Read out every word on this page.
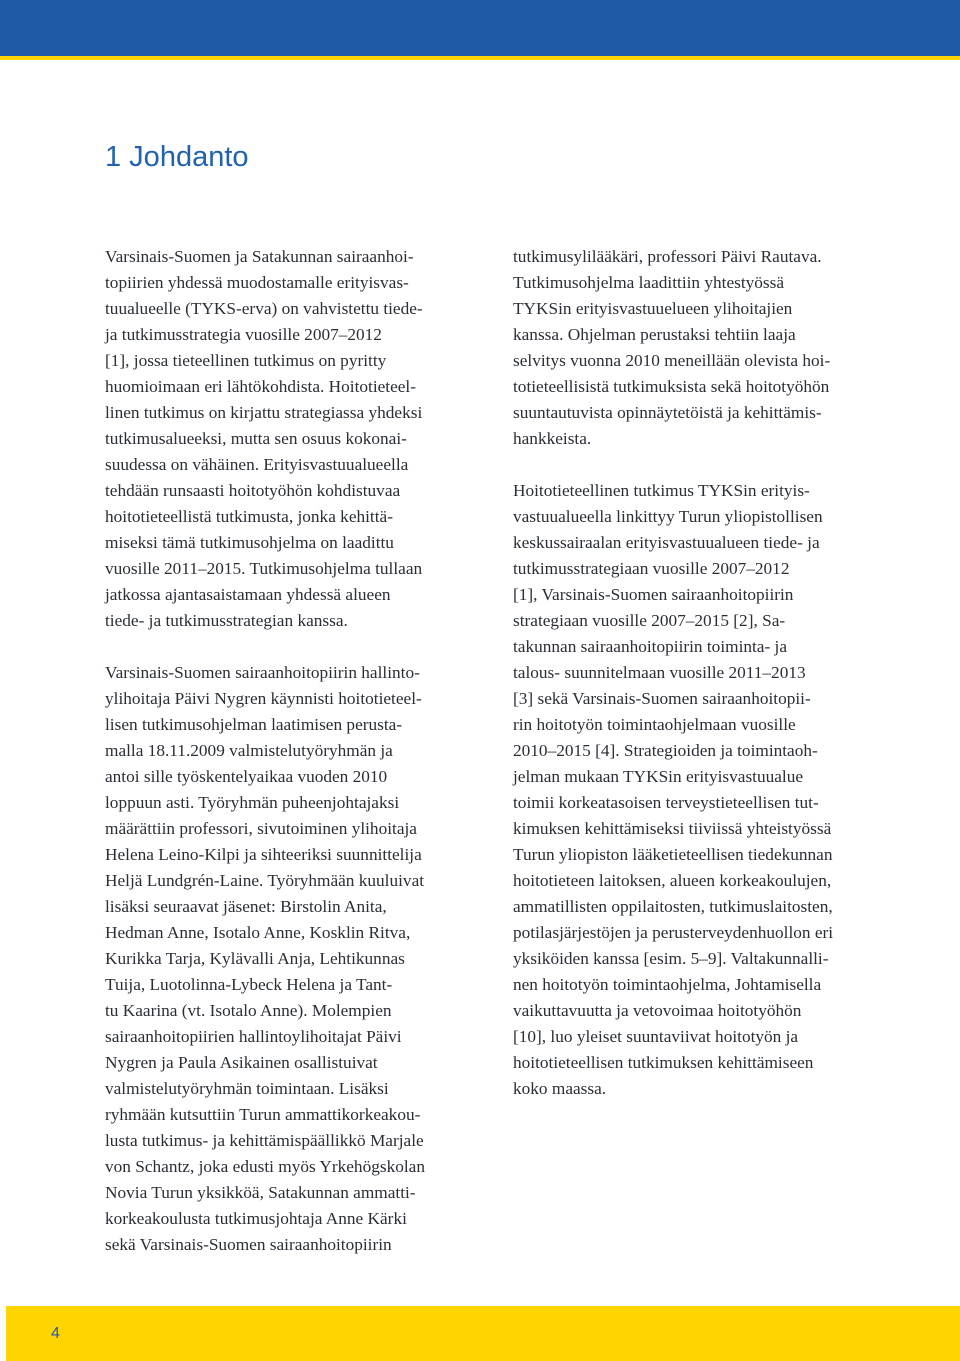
1 Johdanto

Varsinais-Suomen ja Satakunnan sairaanhoi-
topiirien yhdessä muodostamalle erityisvas-
tuualueelle (TYKS-erva) on vahvistettu tiede-
ja tutkimusstrategia vuosille 2007–2012
[1], jossa tieteellinen tutkimus on pyritty
huomioimaan eri lähtökohdista. Hoitotieteel-
linen tutkimus on kirjattu strategiassa yhdeksi
tutkimusalueeksi, mutta sen osuus kokonai-
suudessa on vähäinen. Erityisvastuualueella
tehdään runsaasti hoitotyöhön kohdistuvaa
hoitotieteellistä tutkimusta, jonka kehittä-
miseksi tämä tutkimusohjelma on laadittu
vuosille 2011–2015. Tutkimusohjelma tullaan
jatkossa ajantasaistamaan yhdessä alueen
tiede- ja tutkimusstrategian kanssa.

Varsinais-Suomen sairaanhoitopiirin hallinto-
ylihoitaja Päivi Nygren käynnisti hoitotieteel-
lisen tutkimusohjelman laatimisen perusta-
malla 18.11.2009 valmistelutyöryhmän ja
antoi sille työskentelyaikaa vuoden 2010
loppuun asti. Työryhmän puheenjohtajaksi
määrättiin professori, sivutoiminen ylihoitaja
Helena Leino-Kilpi ja sihteeriksi suunnittelija
Heljä Lundgrén-Laine. Työryhmään kuuluivat
lisäksi seuraavat jäsenet: Birstolin Anita,
Hedman Anne, Isotalo Anne, Kosklin Ritva,
Kurikka Tarja, Kylävalli Anja, Lehtikunnas
Tuija, Luotolinna-Lybeck Helena ja Tant-
tu Kaarina (vt. Isotalo Anne). Molempien
sairaanhoitopiirien hallintoylihoitajat Päivi
Nygren ja Paula Asikainen osallistuivat
valmistelutyöryhmän toimintaan. Lisäksi
ryhmään kutsuttiin Turun ammattikorkeakou-
lusta tutkimus- ja kehittämispäällikkö Marjale
von Schantz, joka edusti myös Yrkehögskolan
Novia Turun yksikköä, Satakunnan ammatti-
korkeakoulusta tutkimusjohtaja Anne Kärki
sekä Varsinais-Suomen sairaanhoitopiirin

tutkimusylilääkäri, professori Päivi Rautava.
Tutkimusohjelma laadittiin yhtestyössä
TYKSin erityisvastuuelueen ylihoitajien
kanssa. Ohjelman perustaksi tehtiin laaja
selvitys vuonna 2010 meneillään olevista hoi-
totieteellisistä tutkimuksista sekä hoitotyöhön
suuntautuvista opinnäytetöistä ja kehittämis-
hankkeista.

Hoitotieteellinen tutkimus TYKSin erityis-
vastuualueella linkittyy Turun yliopistollisen
keskussairaalan erityisvastuualueen tiede- ja
tutkimusstrategiaan vuosille 2007–2012
[1], Varsinais-Suomen sairaanhoitopiirin
strategiaan vuosille 2007–2015 [2], Sa-
takunnan sairaanhoitopiirin toiminta- ja
talous- suunnitelmaan vuosille 2011–2013
[3] sekä Varsinais-Suomen sairaanhoitopii-
rin hoitotyön toimintaohjelmaan vuosille
2010–2015 [4]. Strategioiden ja toimintaoh-
jelman mukaan TYKSin erityisvastuualue
toimii korkeatasoisen terveystieteellisen tut-
kimuksen kehittämiseksi tiiviissä yhteistyössä
Turun yliopiston lääketieteellisen tiedekunnan
hoitotieteen laitoksen, alueen korkeakoulujen,
ammatillisten oppilaitosten, tutkimuslaitosten,
potilasjärjestöjen ja perusterveydenhuollon eri
yksiköiden kanssa [esim. 5–9]. Valtakunnalli-
nen hoitotyön toimintaohjelma, Johtamisella
vaikuttavuutta ja vetovoimaa hoitotyöhön
[10], luo yleiset suuntaviivat hoitotyön ja
hoitotieteellisen tutkimuksen kehittämiseen
koko maassa.

4
